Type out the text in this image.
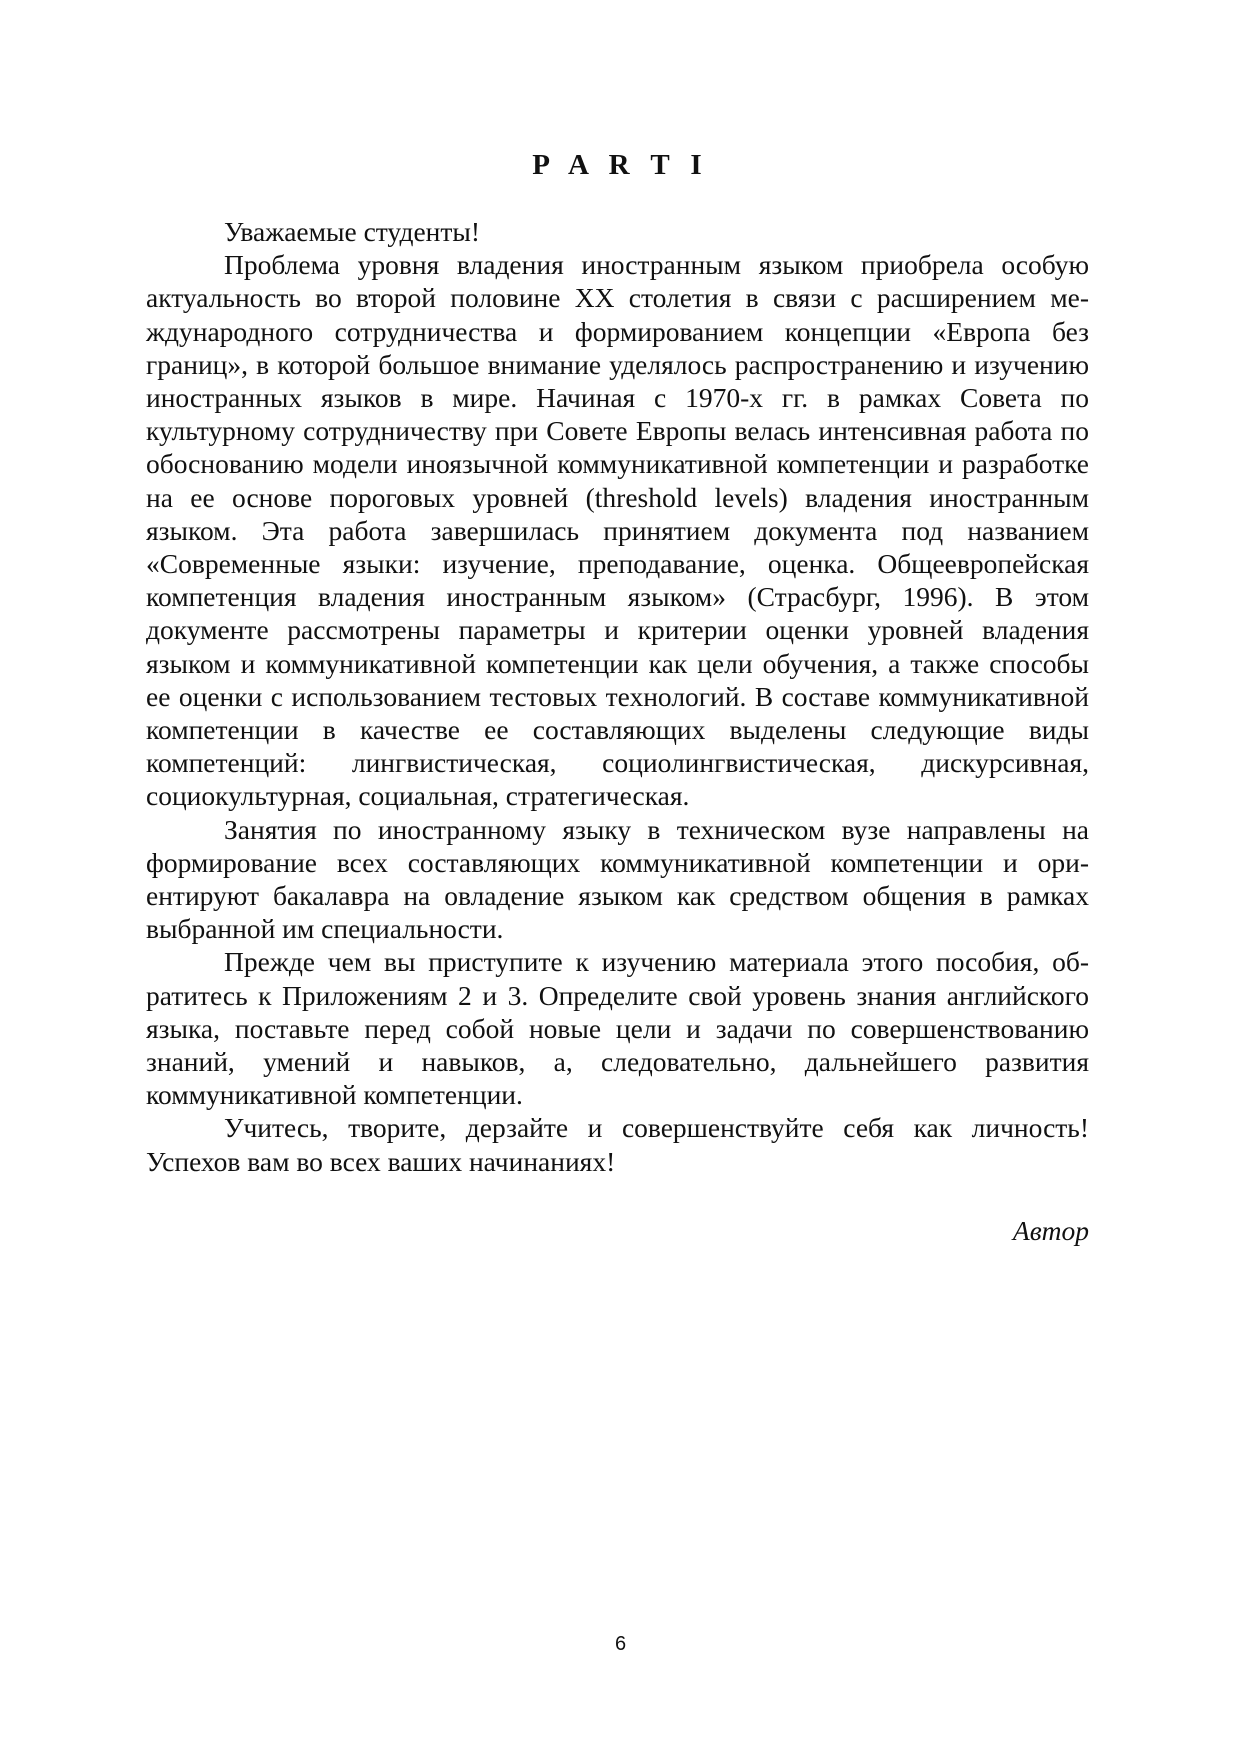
P A R T I

Уважаемые студенты!

Проблема уровня владения иностранным языком приобрела особую актуальность во второй половине XX столетия в связи с расширением международного сотрудничества и формированием концепции «Европа без границ», в которой большое внимание уделялось распространению и изучению иностранных языков в мире. Начиная с 1970-х гг. в рамках Совета по культурному сотрудничеству при Совете Европы велась интенсивная работа по обоснованию модели иноязычной коммуникативной компетенции и разработке на ее основе пороговых уровней (threshold levels) владения иностранным языком. Эта работа завершилась принятием документа под названием «Современные языки: изучение, преподавание, оценка. Общеевропейская компетенция владения иностранным языком» (Страсбург, 1996). В этом документе рассмотрены параметры и критерии оценки уровней владения языком и коммуникативной компетенции как цели обучения, а также способы ее оценки с использованием тестовых технологий. В составе коммуникативной компетенции в качестве ее составляющих выделены следующие виды компетенций: лингвистическая, социолингвистическая, дискурсивная, социокультурная, социальная, стратегическая.

Занятия по иностранному языку в техническом вузе направлены на формирование всех составляющих коммуникативной компетенции и ориентируют бакалавра на овладение языком как средством общения в рамках выбранной им специальности.

Прежде чем вы приступите к изучению материала этого пособия, обратитесь к Приложениям 2 и 3. Определите свой уровень знания английского языка, поставьте перед собой новые цели и задачи по совершенствованию знаний, умений и навыков, а, следовательно, дальнейшего развития коммуникативной компетенции.

Учитесь, творите, дерзайте и совершенствуйте себя как личность! Успехов вам во всех ваших начинаниях!

Автор

6
